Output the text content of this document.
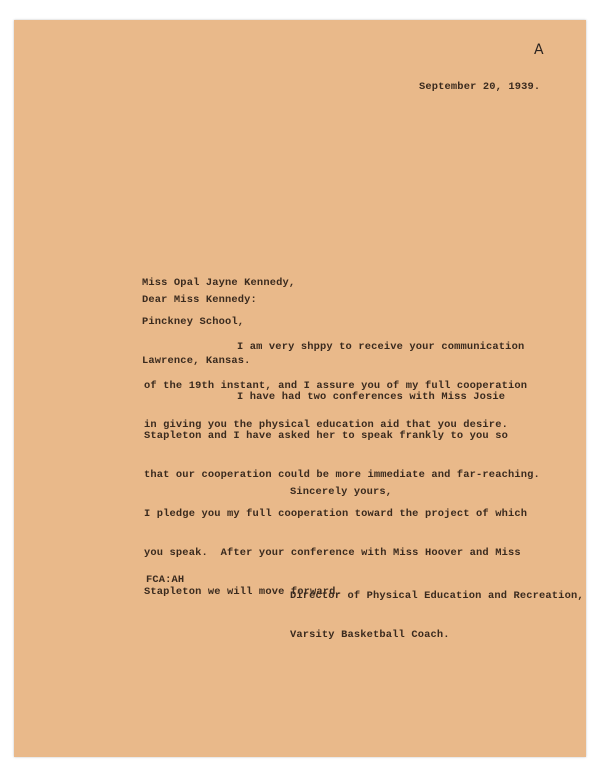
A
September 20, 1939.

Miss Opal Jayne Kennedy,

Pinckney School,

Lawrence, Kansas.

Dear Miss Kennedy:

I am very shppy to receive your communication

of the 19th instant, and I assure you of my full cooperation

in giving you the physical education aid that you desire.

I have had two conferences with Miss Josie

Stapleton and I have asked her to speak frankly to you so

that our cooperation could be more immediate and far-reaching.

I pledge you my full cooperation toward the project of which

you speak.  After your conference with Miss Hoover and Miss

Stapleton we will move forward.

Sincerely yours,
FCA:AH

Director of Physical Education and Recreation,

Varsity Basketball Coach.
